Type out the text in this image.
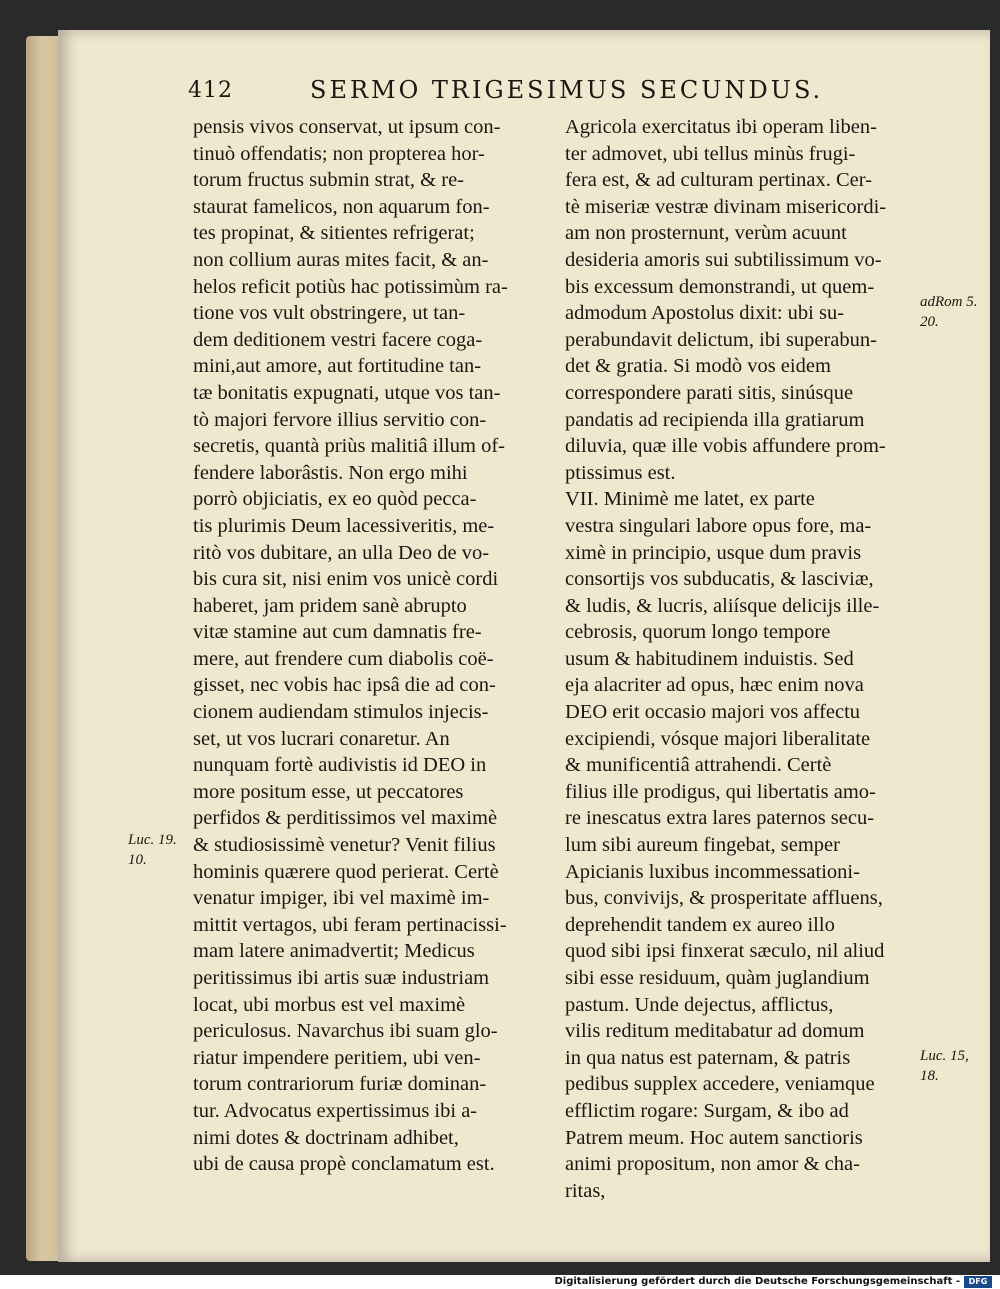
412	SERMO TRIGESIMUS SECUNDUS.
pensis vivos conservat, ut ipsum con-
tinuò offendatis; non propterea hor-
torum fructus submin strat, & re-
staurat famelicos, non aquarum fon-
tes propinat, & sitientes refrigerat;
non collium auras mites facit, & an-
helos reficit potiùs hac potissimùm ra-
tione vos vult obstringere, ut tan-
dem deditionem vestri facere coga-
mini,aut amore, aut fortitudine tan-
tæ bonitatis expugnati, utque vos tan-
tò majori fervore illius servitio con-
secretis, quantà priùs malitiâ illum of-
fendere laborâstis. Non ergo mihi
porrò objiciatis, ex eo quòd pecca-
tis plurimis Deum lacessiveritis, me-
ritò vos dubitare, an ulla Deo de vo-
bis cura sit, nisi enim vos unicè cordi
haberet, jam pridem sanè abrupto
vitæ stamine aut cum damnatis fre-
mere, aut frendere cum diabolis coë-
gisset, nec vobis hac ipsâ die ad con-
cionem audiendam stimulos injecis-
set, ut vos lucrari conaretur. An
nunquam fortè audivistis id DEO in
more positum esse, ut peccatores
perfidos & perditissimos vel maximè
& studiosissimè venetur? Venit filius
hominis quærere quod perierat. Certè
venatur impiger, ibi vel maximè im-
mittit vertagos, ubi feram pertinacissi-
mam latere animadvertit; Medicus
peritissimus ibi artis suæ industriam
locat, ubi morbus est vel maximè
periculosus. Navarchus ibi suam glo-
riatur impendere peritiem, ubi ven-
torum contrariorum furiæ dominan-
tur. Advocatus expertissimus ibi a-
nimi dotes & doctrinam adhibet,
ubi de causa propè conclamatum est.
Agricola exercitatus ibi operam liben-
ter admovet, ubi tellus minùs frugi-
fera est, & ad culturam pertinax. Cer-
tè miseriæ vestræ divinam misericordi-
am non prosternunt, verùm acuunt
desideria amoris sui subtilissimum vo-
bis excessum demonstrandi, ut quem-
admodum Apostolus dixit: ubi su-
perabundavit delictum, ibi superabun-
det & gratia. Si modò vos eidem
correspondere parati sitis, sinúsque
pandatis ad recipienda illa gratiarum
diluvia, quæ ille vobis affundere prom-
ptissimus est.
VII. Minimè me latet, ex parte
vestra singulari labore opus fore, ma-
ximè in principio, usque dum pravis
consortijs vos subducatis, & lasciviæ,
& ludis, & lucris, aliísque delicijs ille-
cebrosis, quorum longo tempore
usum & habitudinem induistis. Sed
eja alacriter ad opus, hæc enim nova
DEO erit occasio majori vos affectu
excipiendi, vósque majori liberalitate
& munificentiâ attrahendi. Certè
filius ille prodigus, qui libertatis amo-
re inescatus extra lares paternos secu-
lum sibi aureum fingebat, semper
Apicianis luxibus incommessationi-
bus, convivijs, & prosperitate affluens,
deprehendit tandem ex aureo illo
quod sibi ipsi finxerat sæculo, nil aliud
sibi esse residuum, quàm juglandium
pastum. Unde dejectus, afflictus,
vilis reditum meditabatur ad domum
in qua natus est paternam, & patris
pedibus supplex accedere, veniamque
efflictim rogare: Surgam, & ibo ad
Patrem meum. Hoc autem sanctioris
animi propositum, non amor & cha-
ritas,
Luc. 19.
10.
adRom 5.
20.
Luc. 15,
18.
Digitalisierung gefördert durch die Deutsche Forschungsgemeinschaft -	DFG
